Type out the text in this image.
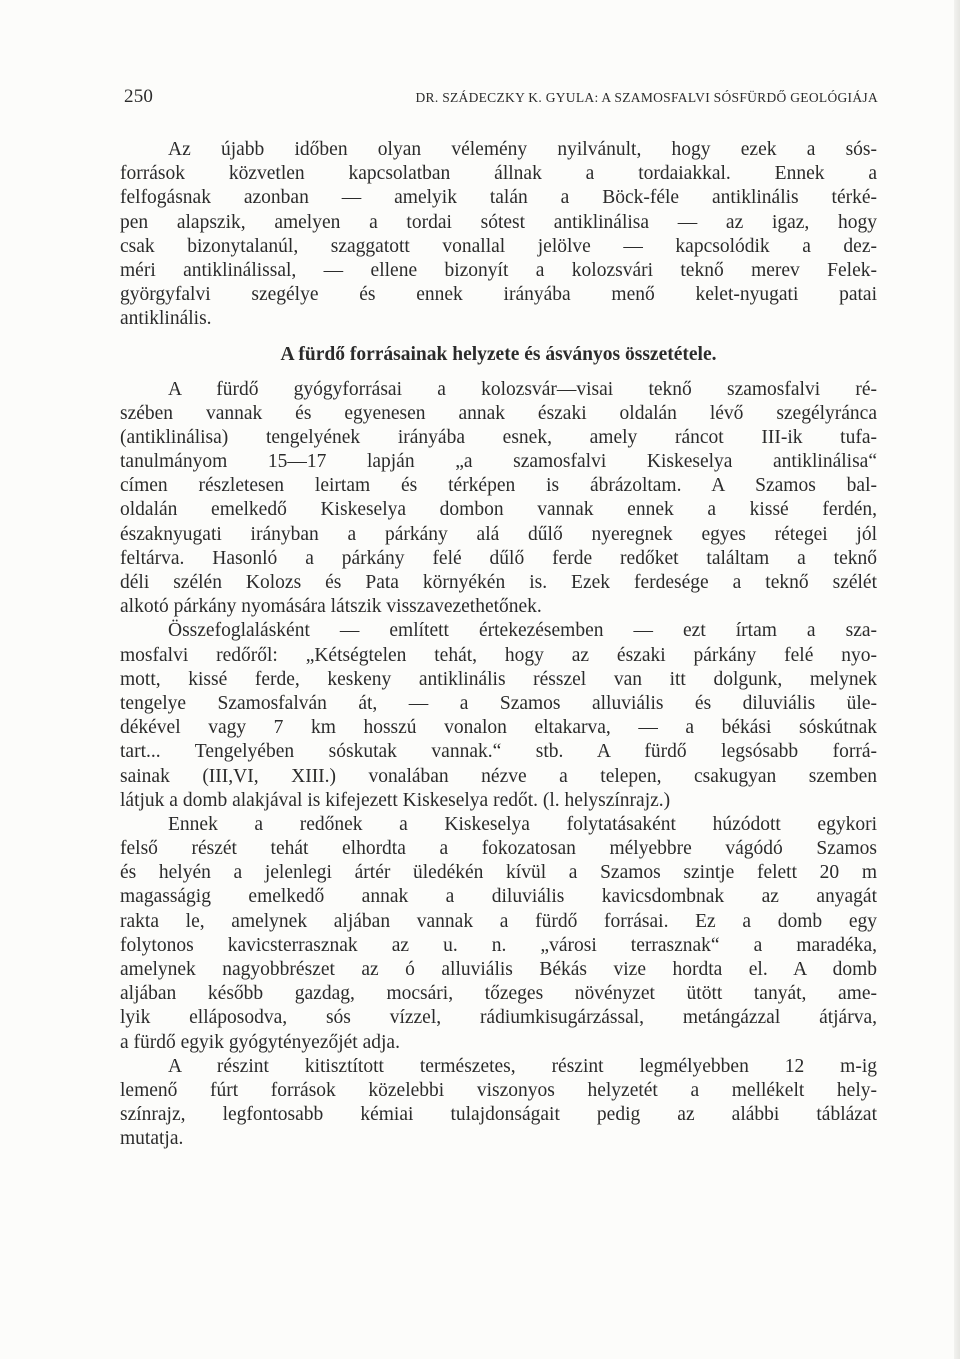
250	DR. SZÁDECZKY K. GYULA: A SZAMOSFALVI SÓSFÜRDŐ GEOLÓGIÁJA
Az újabb időben olyan vélemény nyilvánult, hogy ezek a sós-
források közvetlen kapcsolatban állnak a tordaiakkal. Ennek a
felfogásnak azonban — amelyik talán a Böck-féle antiklinális térké-
pen alapszik, amelyen a tordai sótest antiklinálisa — az igaz, hogy
csak bizonytalanúl, szaggatott vonallal jelölve — kapcsolódik a dez-
méri antiklinálissal, — ellene bizonyít a kolozsvári teknő merev Felek-
györgyfalvi szegélye és ennek irányába menő kelet-nyugati patai
antiklinális.
A fürdő forrásainak helyzete és ásványos összetétele.
A fürdő gyógyforrásai a kolozsvár—visai teknő szamosfalvi ré-
szében vannak és egyenesen annak északi oldalán lévő szegélyráncа
(antiklinálisa) tengelyének irányába esnek, amely ráncot III-ik tufa-
tanulmányom 15—17 lapján „a szamosfalvi Kiskeselya antiklinálisa“
címen részletesen leirtam és térképen is ábrázoltam. A Szamos bal-
oldalán emelkedő Kiskeselya dombon vannak ennek a kissé ferdén,
északnyugati irányban a párkány alá dűlő nyeregnek egyes rétegei jól
feltárva. Hasonló a párkány felé dűlő ferde redőket találtam a teknő
déli szélén Kolozs és Pata környékén is. Ezek ferdesége a teknő szélét
alkotó párkány nyomására látszik visszavezethetőnek.
Összefoglalásként — említett értekezésemben — ezt írtam a sza-
mosfalvi redőről: „Kétségtelen tehát, hogy az északi párkány felé nyo-
mott, kissé ferde, keskeny antiklinális résszel van itt dolgunk, melynek
tengelye Szamosfalván át, — a Szamos alluviális és diluviális üle-
dékével vagy 7 km hosszú vonalon eltakarva, — a békási sóskútnak
tart... Tengelyében sóskutak vannak.“ stb. A fürdő legsósabb forrá-
sainak (III,VI, XIII.) vonalában nézve a telepen, csakugyan szemben
látjuk a domb alakjával is kifejezett Kiskeselya redőt. (l. helyszínrajz.)
Ennek a redőnek a Kiskeselya folytatásaként húzódott egykori
felső részét tehát elhordta a fokozatosan mélyebbre vágódó Szamos
és helyén a jelenlegi ártér üledékén kívül a Szamos szintje felett 20 m
magasságig emelkedő annak a diluviális kavicsdombnak az anyagát
rakta le, amelynek aljában vannak a fürdő forrásai. Ez a domb egy
folytonos kavicsterrasznak az u. n. „városi terrasznak“ a maradéka,
amelynek nagyobbrészet az ó alluviális Békás vize hordta el. A domb
aljában később gazdag, mocsári, tőzeges növényzet ütött tanyát, ame-
lyik elláposodva, sós vízzel, rádiumkisugárzással, metángázzal átjárva,
a fürdő egyik gyógytényezőjét adja.
A részint kitisztított természetes, részint legmélyebben 12 m-ig
lemenő fúrt források közelebbi viszonyos helyzetét a mellékelt hely-
színrajz, legfontosabb kémiai tulajdonságait pedig az alábbi táblázat
mutatja.
